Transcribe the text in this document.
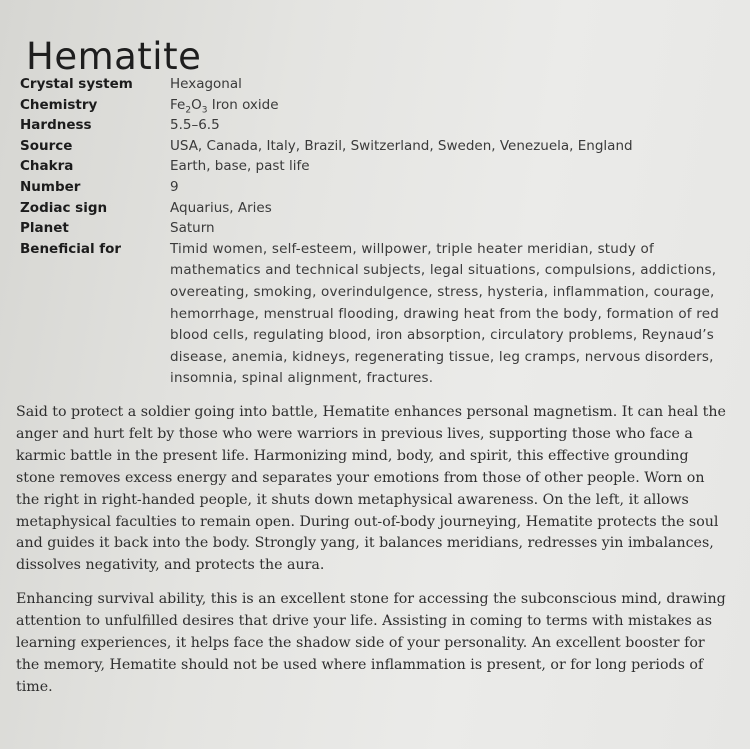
Hematite
Crystal system	Hexagonal
Chemistry	$Fe_2O_3$ Iron oxide
Hardness	5.5–6.5
Source	USA, Canada, Italy, Brazil, Switzerland, Sweden, Venezuela, England
Chakra	Earth, base, past life
Number	9
Zodiac sign	Aquarius, Aries
Planet	Saturn
Beneficial for	Timid women, self-esteem, willpower, triple heater meridian, study of mathematics and technical subjects, legal situations, compulsions, addictions, overeating, smoking, overindulgence, stress, hysteria, inflammation, courage, hemorrhage, menstrual flooding, drawing heat from the body, formation of red blood cells, regulating blood, iron absorption, circulatory problems, Reynaud’s disease, anemia, kidneys, regenerating tissue, leg cramps, nervous disorders, insomnia, spinal alignment, fractures.

Said to protect a soldier going into battle, Hematite enhances personal magnetism. It can heal the anger and hurt felt by those who were warriors in previous lives, supporting those who face a karmic battle in the present life. Harmonizing mind, body, and spirit, this effective grounding stone removes excess energy and separates your emotions from those of other people. Worn on the right in right-handed people, it shuts down metaphysical awareness. On the left, it allows metaphysical faculties to remain open. During out-of-body journeying, Hematite protects the soul and guides it back into the body. Strongly yang, it balances meridians, redresses yin imbalances, dissolves negativity, and protects the aura.

Enhancing survival ability, this is an excellent stone for accessing the subconscious mind, drawing attention to unfulfilled desires that drive your life. Assisting in coming to terms with mistakes as learning experiences, it helps face the shadow side of your personality. An excellent booster for the memory, Hematite should not be used where inflammation is present, or for long periods of time.
